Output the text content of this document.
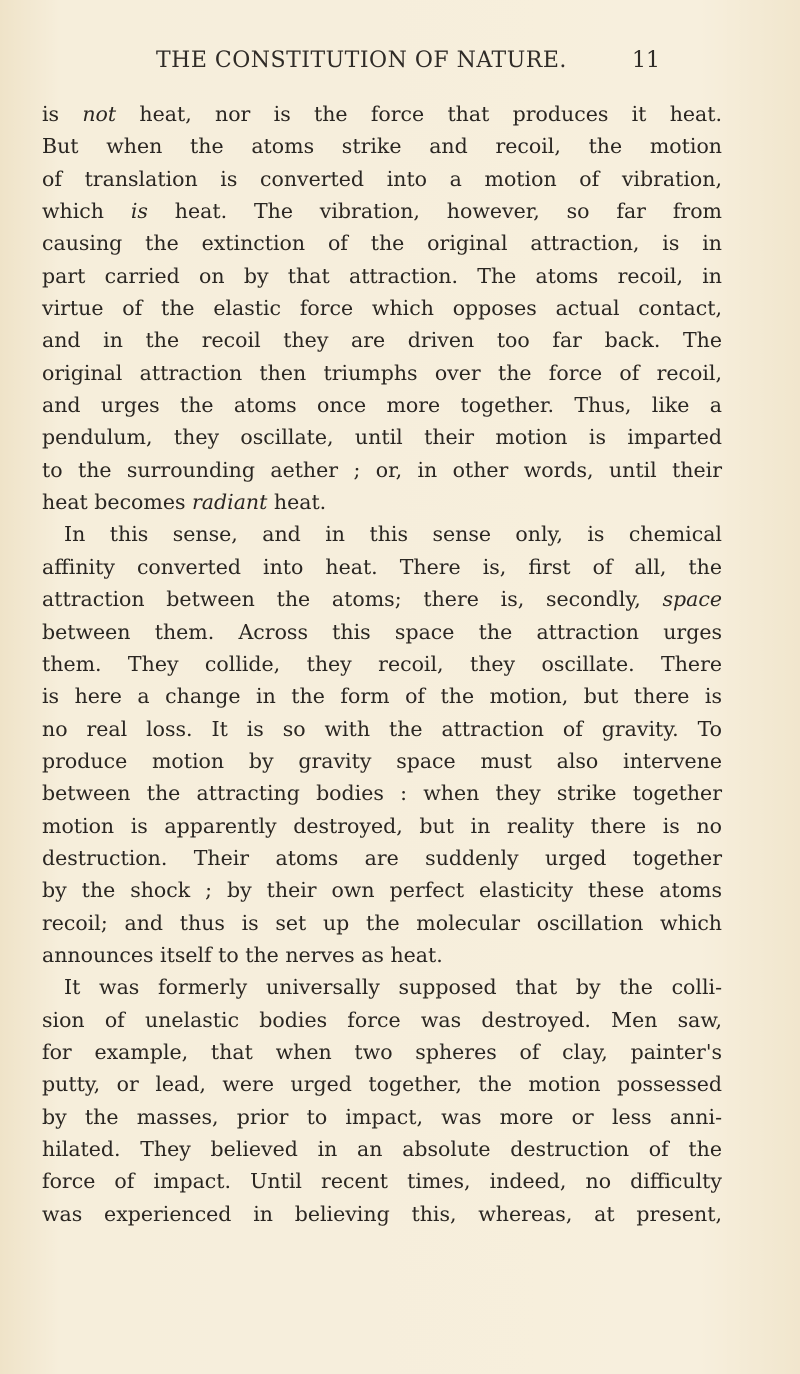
THE CONSTITUTION OF NATURE.	11
is not heat, nor is the force that produces it heat.
But when the atoms strike and recoil, the motion
of translation is converted into a motion of vibration,
which is heat. The vibration, however, so far from
causing the extinction of the original attraction, is in
part carried on by that attraction. The atoms recoil, in
virtue of the elastic force which opposes actual contact,
and in the recoil they are driven too far back. The
original attraction then triumphs over the force of recoil,
and urges the atoms once more together. Thus, like a
pendulum, they oscillate, until their motion is imparted
to the surrounding aether ; or, in other words, until their
heat becomes radiant heat.
In this sense, and in this sense only, is chemical
affinity converted into heat. There is, first of all, the
attraction between the atoms; there is, secondly, space
between them. Across this space the attraction urges
them. They collide, they recoil, they oscillate. There
is here a change in the form of the motion, but there is
no real loss. It is so with the attraction of gravity. To
produce motion by gravity space must also intervene
between the attracting bodies : when they strike together
motion is apparently destroyed, but in reality there is no
destruction. Their atoms are suddenly urged together
by the shock ; by their own perfect elasticity these atoms
recoil; and thus is set up the molecular oscillation which
announces itself to the nerves as heat.
It was formerly universally supposed that by the colli-
sion of unelastic bodies force was destroyed. Men saw,
for example, that when two spheres of clay, painter's
putty, or lead, were urged together, the motion possessed
by the masses, prior to impact, was more or less anni-
hilated. They believed in an absolute destruction of the
force of impact. Until recent times, indeed, no difficulty
was experienced in believing this, whereas, at present,
